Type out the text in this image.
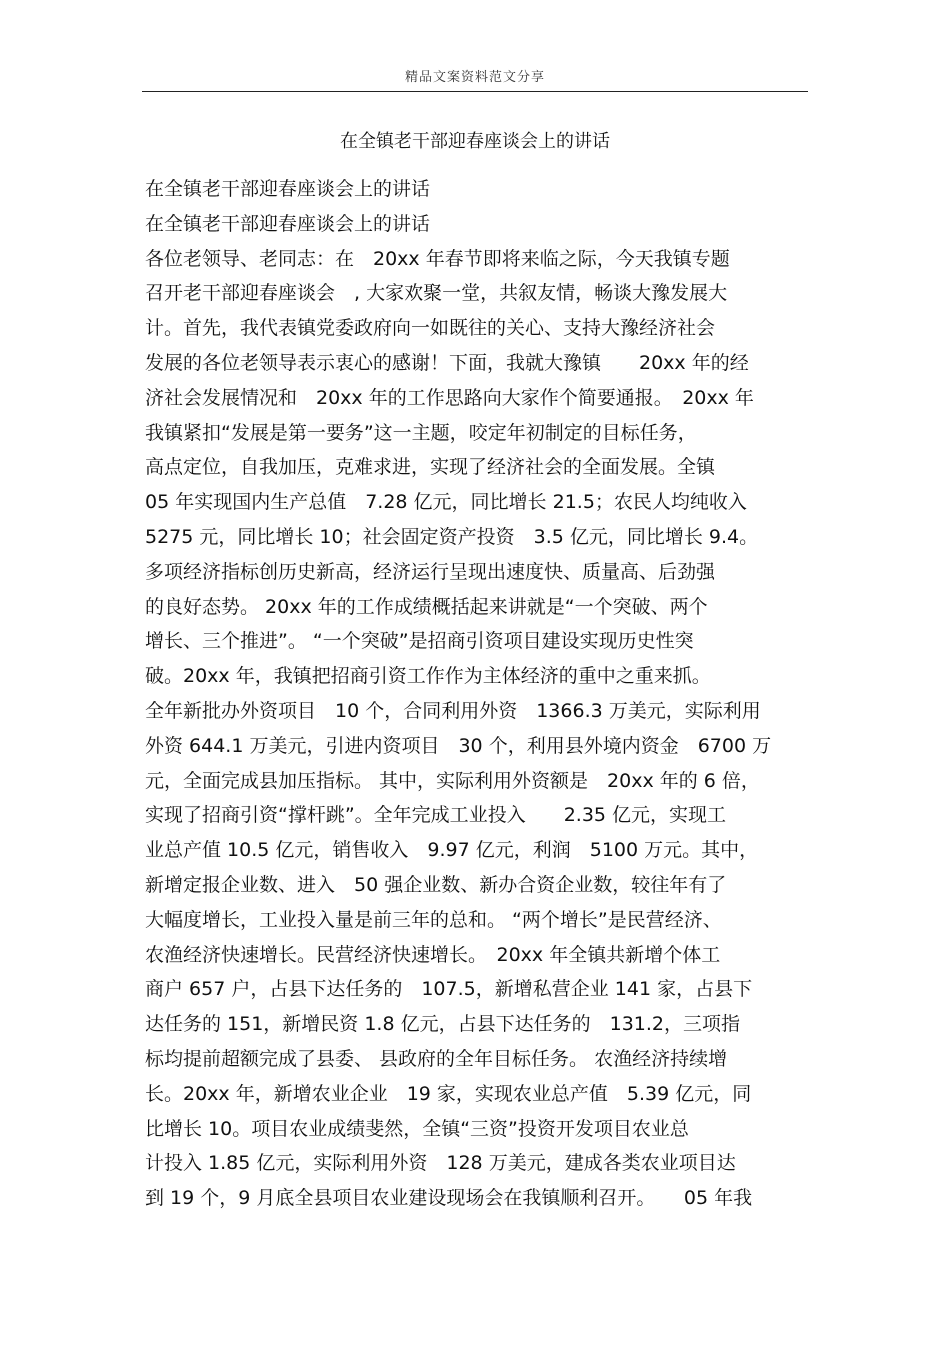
精品文案资料范文分享
在全镇老干部迎春座谈会上的讲话
在全镇老干部迎春座谈会上的讲话
在全镇老干部迎春座谈会上的讲话
各位老领导、老同志：在　20xx 年春节即将来临之际，今天我镇专题
召开老干部迎春座谈会　, 大家欢聚一堂，共叙友情，畅谈大豫发展大
计。首先，我代表镇党委政府向一如既往的关心、支持大豫经济社会
发展的各位老领导表示衷心的感谢！下面，我就大豫镇　　20xx 年的经
济社会发展情况和　20xx 年的工作思路向大家作个简要通报。　20xx 年
我镇紧扣“发展是第一要务”这一主题，咬定年初制定的目标任务，
高点定位，自我加压，克难求进，实现了经济社会的全面发展。全镇
05 年实现国内生产总值　7.28 亿元，同比增长 21.5；农民人均纯收入
5275 元，同比增长 10；社会固定资产投资　3.5 亿元，同比增长 9.4。
多项经济指标创历史新高，经济运行呈现出速度快、质量高、后劲强
的良好态势。 20xx 年的工作成绩概括起来讲就是“一个突破、两个
增长、三个推进”。 “一个突破”是招商引资项目建设实现历史性突
破。20xx 年，我镇把招商引资工作作为主体经济的重中之重来抓。
全年新批办外资项目　10 个，合同利用外资　1366.3 万美元，实际利用
外资 644.1 万美元，引进内资项目　30 个，利用县外境内资金　6700 万
元，全面完成县加压指标。 其中，实际利用外资额是　20xx 年的 6 倍，
实现了招商引资“撑杆跳”。全年完成工业投入　　2.35 亿元，实现工
业总产值 10.5 亿元，销售收入　9.97 亿元，利润　5100 万元。其中，
新增定报企业数、进入　50 强企业数、新办合资企业数，较往年有了
大幅度增长，工业投入量是前三年的总和。 “两个增长”是民营经济、
农渔经济快速增长。民营经济快速增长。　20xx 年全镇共新增个体工
商户 657 户，占县下达任务的　107.5，新增私营企业 141 家，占县下
达任务的 151，新增民资 1.8 亿元，占县下达任务的　131.2，三项指
标均提前超额完成了县委、 县政府的全年目标任务。 农渔经济持续增
长。20xx 年，新增农业企业　19 家，实现农业总产值　5.39 亿元，同
比增长 10。项目农业成绩斐然，全镇“三资”投资开发项目农业总
计投入 1.85 亿元，实际利用外资　128 万美元，建成各类农业项目达
到 19 个，9 月底全县项目农业建设现场会在我镇顺利召开。　　05 年我
